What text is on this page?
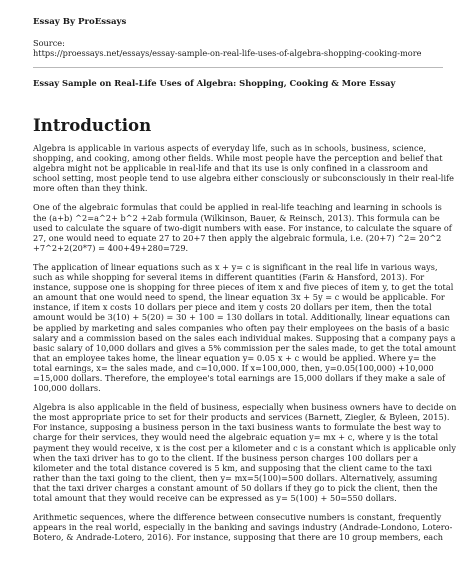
Essay By ProEssays

Source:

https://proessays.net/essays/essay-sample-on-real-life-uses-of-algebra-shopping-cooking-more

Essay Sample on Real-Life Uses of Algebra: Shopping, Cooking & More Essay

Introduction

Algebra is applicable in various aspects of everyday life, such as in schools, business, science,
shopping, and cooking, among other fields. While most people have the perception and belief that
algebra might not be applicable in real-life and that its use is only confined in a classroom and
school setting, most people tend to use algebra either consciously or subconsciously in their real-life
more often than they think.

One of the algebraic formulas that could be applied in real-life teaching and learning in schools is
the (a+b) ^2=a^2+ b^2 +2ab formula (Wilkinson, Bauer, & Reinsch, 2013). This formula can be
used to calculate the square of two-digit numbers with ease. For instance, to calculate the square of
27, one would need to equate 27 to 20+7 then apply the algebraic formula, i.e. (20+7) ^2= 20^2
+7^2+2(20*7) = 400+49+280=729.

The application of linear equations such as x + y= c is significant in the real life in various ways,
such as while shopping for several items in different quantities (Farin & Hansford, 2013). For
instance, suppose one is shopping for three pieces of item x and five pieces of item y, to get the total
an amount that one would need to spend, the linear equation 3x + 5y = c would be applicable. For
instance, if item x costs 10 dollars per piece and item y costs 20 dollars per item, then the total
amount would be 3(10) + 5(20) = 30 + 100 = 130 dollars in total. Additionally, linear equations can
be applied by marketing and sales companies who often pay their employees on the basis of a basic
salary and a commission based on the sales each individual makes. Supposing that a company pays a
basic salary of 10,000 dollars and gives a 5% commission per the sales made, to get the total amount
that an employee takes home, the linear equation y= 0.05 x + c would be applied. Where y= the
total earnings, x= the sales made, and c=10,000. If x=100,000, then, y=0.05(100,000) +10,000
=15,000 dollars. Therefore, the employee's total earnings are 15,000 dollars if they make a sale of
100,000 dollars.

Algebra is also applicable in the field of business, especially when business owners have to decide on
the most appropriate price to set for their products and services (Barnett, Ziegler, & Byleen, 2015).
For instance, supposing a business person in the taxi business wants to formulate the best way to
charge for their services, they would need the algebraic equation y= mx + c, where y is the total
payment they would receive, x is the cost per a kilometer and c is a constant which is applicable only
when the taxi driver has to go to the client. If the business person charges 100 dollars per a
kilometer and the total distance covered is 5 km, and supposing that the client came to the taxi
rather than the taxi going to the client, then y= mx=5(100)=500 dollars. Alternatively, assuming
that the taxi driver charges a constant amount of 50 dollars if they go to pick the client, then the
total amount that they would receive can be expressed as y= 5(100) + 50=550 dollars.

Arithmetic sequences, where the difference between consecutive numbers is constant, frequently
appears in the real world, especially in the banking and savings industry (Andrade-Londono, Lotero-
Botero, & Andrade-Lotero, 2016). For instance, supposing that there are 10 group members, each
